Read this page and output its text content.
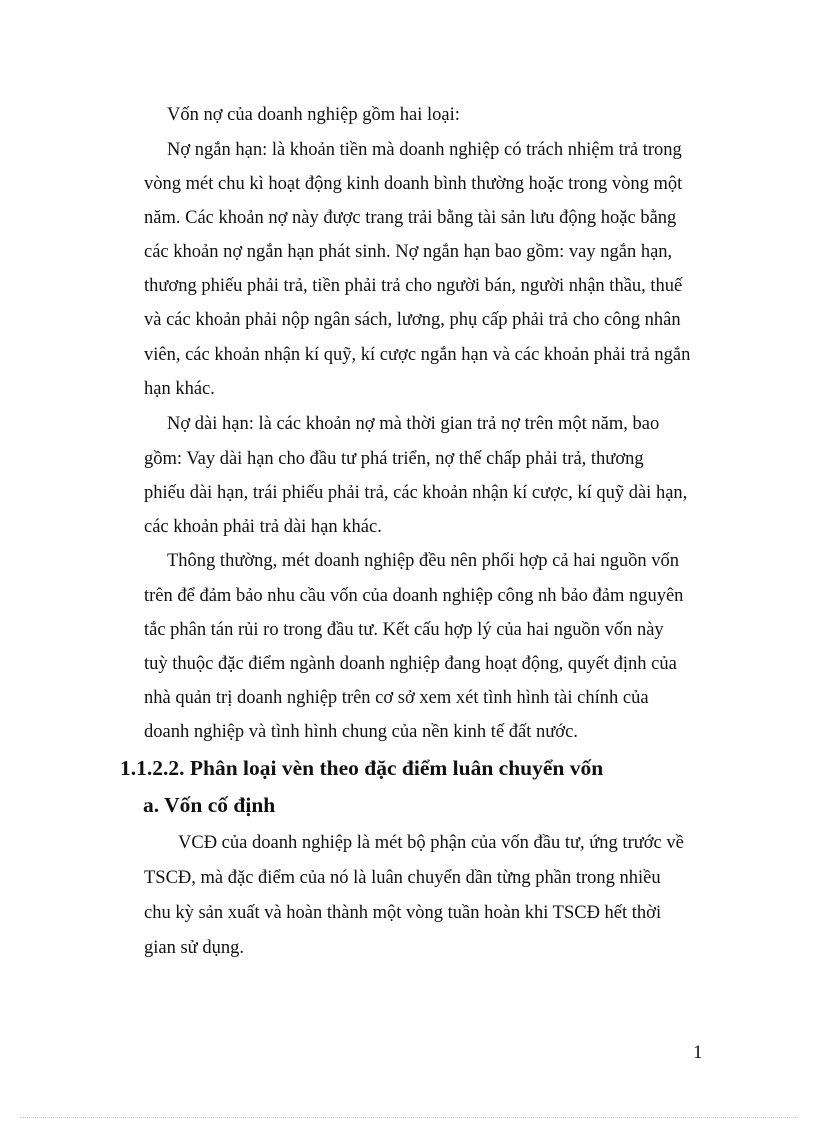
Vốn nợ của doanh nghiệp gồm hai loại:
Nợ ngắn hạn: là khoản tiền mà doanh nghiệp có trách nhiệm trả trong
vòng mét chu kì hoạt động kinh doanh bình thường hoặc trong vòng một
năm. Các khoản nợ này được trang trải bằng tài sản lưu động hoặc bằng
các khoản nợ ngắn hạn phát sinh. Nợ ngắn hạn bao gồm: vay ngắn hạn,
thương phiếu phải trả, tiền phải trả cho người bán, người nhận thầu, thuế
và các khoản phải nộp ngân sách, lương, phụ cấp phải trả cho công nhân
viên, các khoản nhận kí quỹ, kí cược ngắn hạn và các khoản phải trả ngắn
hạn khác.
Nợ dài hạn: là các khoản nợ mà thời gian trả nợ trên một năm, bao
gồm: Vay dài hạn cho đầu tư phá triển, nợ thế chấp phải trả, thương
phiếu dài hạn, trái phiếu phải trả, các khoản nhận kí cược, kí quỹ dài hạn,
các khoản phải trả dài hạn khác.
Thông thường, mét doanh nghiệp đều nên phối hợp cả hai nguồn vốn
trên để đảm bảo nhu cầu vốn của doanh nghiệp công nh bảo đảm nguyên
tắc phân tán rủi ro trong đầu tư. Kết cấu hợp lý của hai nguồn vốn này
tuỳ thuộc đặc điểm ngành doanh nghiệp đang hoạt động, quyết định của
nhà quản trị doanh nghiệp trên cơ sở xem xét tình hình tài chính của
doanh nghiệp và tình hình chung của nền kinh tế đất nước.
1.1.2.2. Phân loại vèn theo đặc điểm luân chuyển vốn
a. Vốn cố định
VCĐ của doanh nghiệp là mét bộ phận của vốn đầu tư, ứng trước về
TSCĐ, mà đặc điểm của nó là luân chuyển dần từng phần trong nhiều
chu kỳ sản xuất và hoàn thành một vòng tuần hoàn khi TSCĐ hết thời
gian sử dụng.
1
